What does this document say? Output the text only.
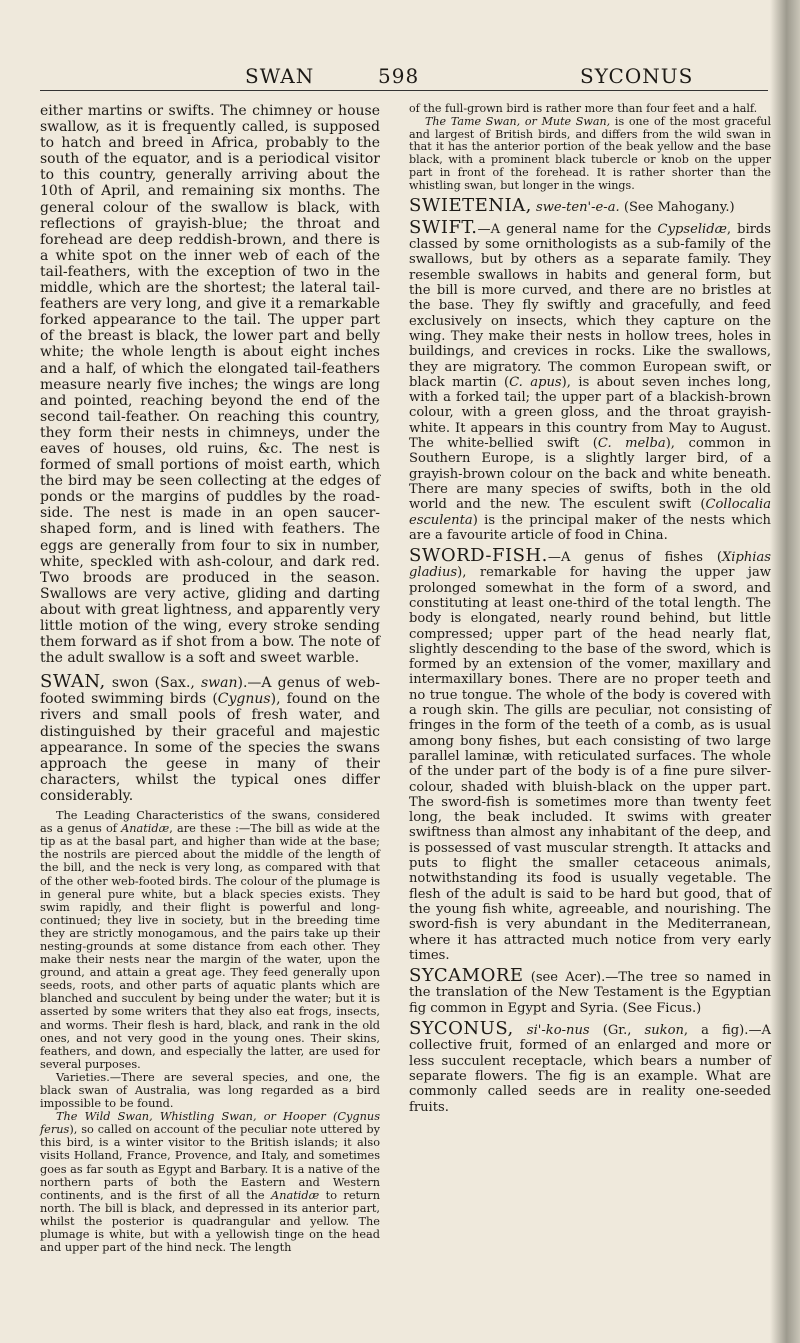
SWAN	598	SYCONUS

either martins or swifts. The chimney or house swallow, as it is frequently called, is supposed to hatch and breed in Africa, probably to the south of the equator, and is a periodical visitor to this country, generally arriving about the 10th of April, and remaining six months. The general colour of the swallow is black, with reflections of grayish-blue; the throat and forehead are deep reddish-brown, and there is a white spot on the inner web of each of the tail-feathers, with the exception of two in the middle, which are the shortest; the lateral tail-feathers are very long, and give it a remarkable forked appearance to the tail. The upper part of the breast is black, the lower part and belly white; the whole length is about eight inches and a half, of which the elongated tail-feathers measure nearly five inches; the wings are long and pointed, reaching beyond the end of the second tail-feather. On reaching this country, they form their nests in chimneys, under the eaves of houses, old ruins, &c. The nest is formed of small portions of moist earth, which the bird may be seen collecting at the edges of ponds or the margins of puddles by the road-side. The nest is made in an open saucer-shaped form, and is lined with feathers. The eggs are generally from four to six in number, white, speckled with ash-colour, and dark red. Two broods are produced in the season. Swallows are very active, gliding and darting about with great lightness, and apparently very little motion of the wing, every stroke sending them forward as if shot from a bow. The note of the adult swallow is a soft and sweet warble.

SWAN, swon (Sax., swan).—A genus of web-footed swimming birds (Cygnus), found on the rivers and small pools of fresh water, and distinguished by their graceful and majestic appearance. In some of the species the swans approach the geese in many of their characters, whilst the typical ones differ considerably.

The Leading Characteristics of the swans, considered as a genus of Anatidæ, are these :—The bill as wide at the tip as at the basal part, and higher than wide at the base; the nostrils are pierced about the middle of the length of the bill, and the neck is very long, as compared with that of the other web-footed birds. The colour of the plumage is in general pure white, but a black species exists. They swim rapidly, and their flight is powerful and long-continued; they live in society, but in the breeding time they are strictly monogamous, and the pairs take up their nesting-grounds at some distance from each other. They make their nests near the margin of the water, upon the ground, and attain a great age. They feed generally upon seeds, roots, and other parts of aquatic plants which are blanched and succulent by being under the water; but it is asserted by some writers that they also eat frogs, insects, and worms. Their flesh is hard, black, and rank in the old ones, and not very good in the young ones. Their skins, feathers, and down, and especially the latter, are used for several purposes.

Varieties.—There are several species, and one, the black swan of Australia, was long regarded as a bird impossible to be found.

The Wild Swan, Whistling Swan, or Hooper (Cygnus ferus), so called on account of the peculiar note uttered by this bird, is a winter visitor to the British islands; it also visits Holland, France, Provence, and Italy, and sometimes goes as far south as Egypt and Barbary. It is a native of the northern parts of both the Eastern and Western continents, and is the first of all the Anatidæ to return north. The bill is black, and depressed in its anterior part, whilst the posterior is quadrangular and yellow. The plumage is white, but with a yellowish tinge on the head and upper part of the hind neck. The length

of the full-grown bird is rather more than four feet and a half.

The Tame Swan, or Mute Swan, is one of the most graceful and largest of British birds, and differs from the wild swan in that it has the anterior portion of the beak yellow and the base black, with a prominent black tubercle or knob on the upper part in front of the forehead. It is rather shorter than the whistling swan, but longer in the wings.

SWIETENIA, swe-ten'-e-a. (See Mahogany.)

SWIFT.—A general name for the Cypselidæ, birds classed by some ornithologists as a sub-family of the swallows, but by others as a separate family. They resemble swallows in habits and general form, but the bill is more curved, and there are no bristles at the base. They fly swiftly and gracefully, and feed exclusively on insects, which they capture on the wing. They make their nests in hollow trees, holes in buildings, and crevices in rocks. Like the swallows, they are migratory. The common European swift, or black martin (C. apus), is about seven inches long, with a forked tail; the upper part of a blackish-brown colour, with a green gloss, and the throat grayish-white. It appears in this country from May to August. The white-bellied swift (C. melba), common in Southern Europe, is a slightly larger bird, of a grayish-brown colour on the back and white beneath. There are many species of swifts, both in the old world and the new. The esculent swift (Collocalia esculenta) is the principal maker of the nests which are a favourite article of food in China.

SWORD-FISH.—A genus of fishes (Xiphias gladius), remarkable for having the upper jaw prolonged somewhat in the form of a sword, and constituting at least one-third of the total length. The body is elongated, nearly round behind, but little compressed; upper part of the head nearly flat, slightly descending to the base of the sword, which is formed by an extension of the vomer, maxillary and intermaxillary bones. There are no proper teeth and no true tongue. The whole of the body is covered with a rough skin. The gills are peculiar, not consisting of fringes in the form of the teeth of a comb, as is usual among bony fishes, but each consisting of two large parallel laminæ, with reticulated surfaces. The whole of the under part of the body is of a fine pure silver-colour, shaded with bluish-black on the upper part. The sword-fish is sometimes more than twenty feet long, the beak included. It swims with greater swiftness than almost any inhabitant of the deep, and is possessed of vast muscular strength. It attacks and puts to flight the smaller cetaceous animals, notwithstanding its food is usually vegetable. The flesh of the adult is said to be hard but good, that of the young fish white, agreeable, and nourishing. The sword-fish is very abundant in the Mediterranean, where it has attracted much notice from very early times.

SYCAMORE (see Acer).—The tree so named in the translation of the New Testament is the Egyptian fig common in Egypt and Syria. (See Ficus.)

SYCONUS, si'-ko-nus (Gr., sukon, a fig).—A collective fruit, formed of an enlarged and more or less succulent receptacle, which bears a number of separate flowers. The fig is an example. What are commonly called seeds are in reality one-seeded fruits.
